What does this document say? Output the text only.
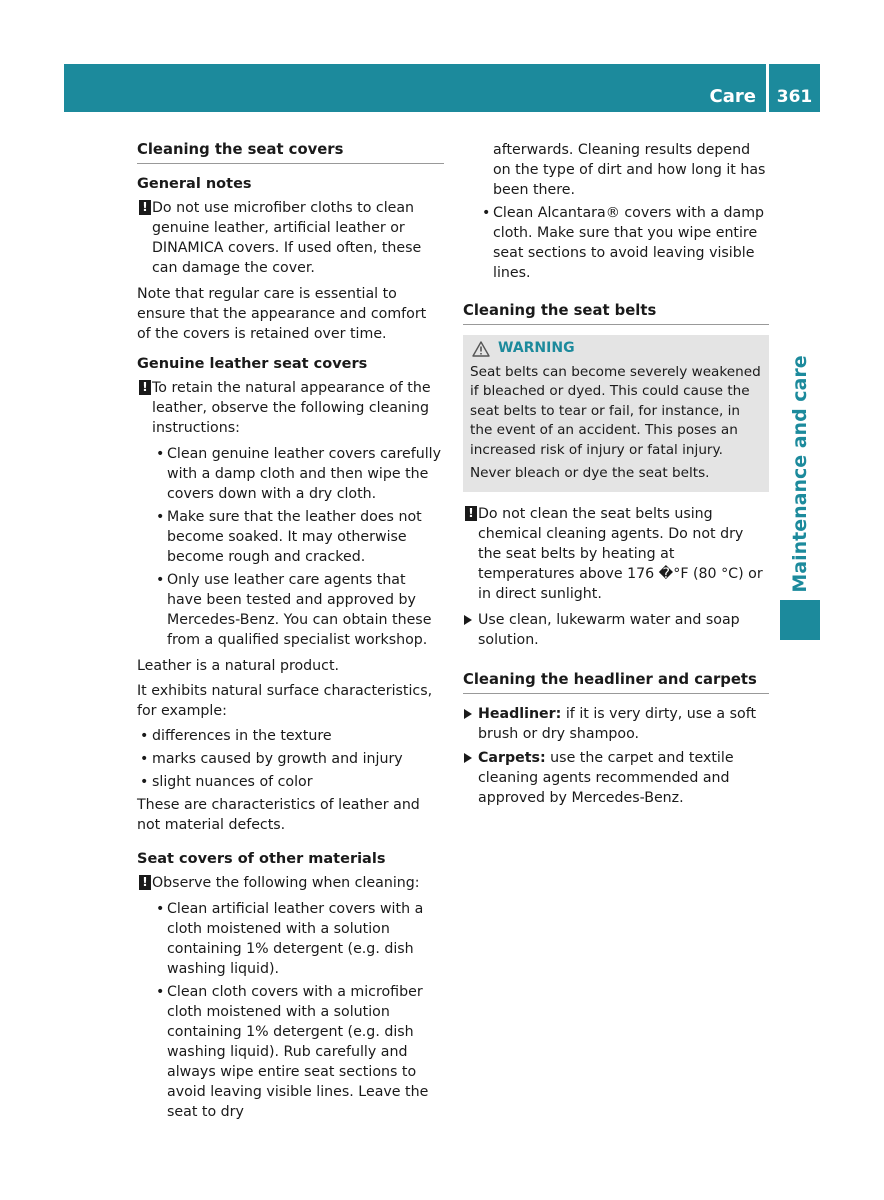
Care	361
Maintenance and care
Cleaning the seat covers
General notes
! Do not use microfiber cloths to clean genuine leather, artificial leather or DINAMICA covers. If used often, these can damage the cover.

Note that regular care is essential to ensure that the appearance and comfort of the covers is retained over time.

Genuine leather seat covers
! To retain the natural appearance of the leather, observe the following cleaning instructions:
• Clean genuine leather covers carefully with a damp cloth and then wipe the covers down with a dry cloth.
• Make sure that the leather does not become soaked. It may otherwise become rough and cracked.
• Only use leather care agents that have been tested and approved by Mercedes-Benz. You can obtain these from a qualified specialist workshop.

Leather is a natural product.

It exhibits natural surface characteristics, for example:

• differences in the texture
• marks caused by growth and injury
• slight nuances of color

These are characteristics of leather and not material defects.

Seat covers of other materials
! Observe the following when cleaning:
• Clean artificial leather covers with a cloth moistened with a solution containing 1% detergent (e.g. dish washing liquid).
• Clean cloth covers with a microfiber cloth moistened with a solution containing 1% detergent (e.g. dish washing liquid). Rub carefully and always wipe entire seat sections to avoid leaving visible lines. Leave the seat to dry
afterwards. Cleaning results depend on the type of dirt and how long it has been there.
• Clean Alcantara® covers with a damp cloth. Make sure that you wipe entire seat sections to avoid leaving visible lines.
Cleaning the seat belts
WARNING

Seat belts can become severely weakened if bleached or dyed. This could cause the seat belts to tear or fail, for instance, in the event of an accident. This poses an increased risk of injury or fatal injury.

Never bleach or dye the seat belts.

! Do not clean the seat belts using chemical cleaning agents. Do not dry the seat belts by heating at temperatures above 176 �°F (80 °C) or in direct sunlight.
Use clean, lukewarm water and soap solution.
Cleaning the headliner and carpets
Headliner: if it is very dirty, use a soft brush or dry shampoo.
Carpets: use the carpet and textile cleaning agents recommended and approved by Mercedes-Benz.
